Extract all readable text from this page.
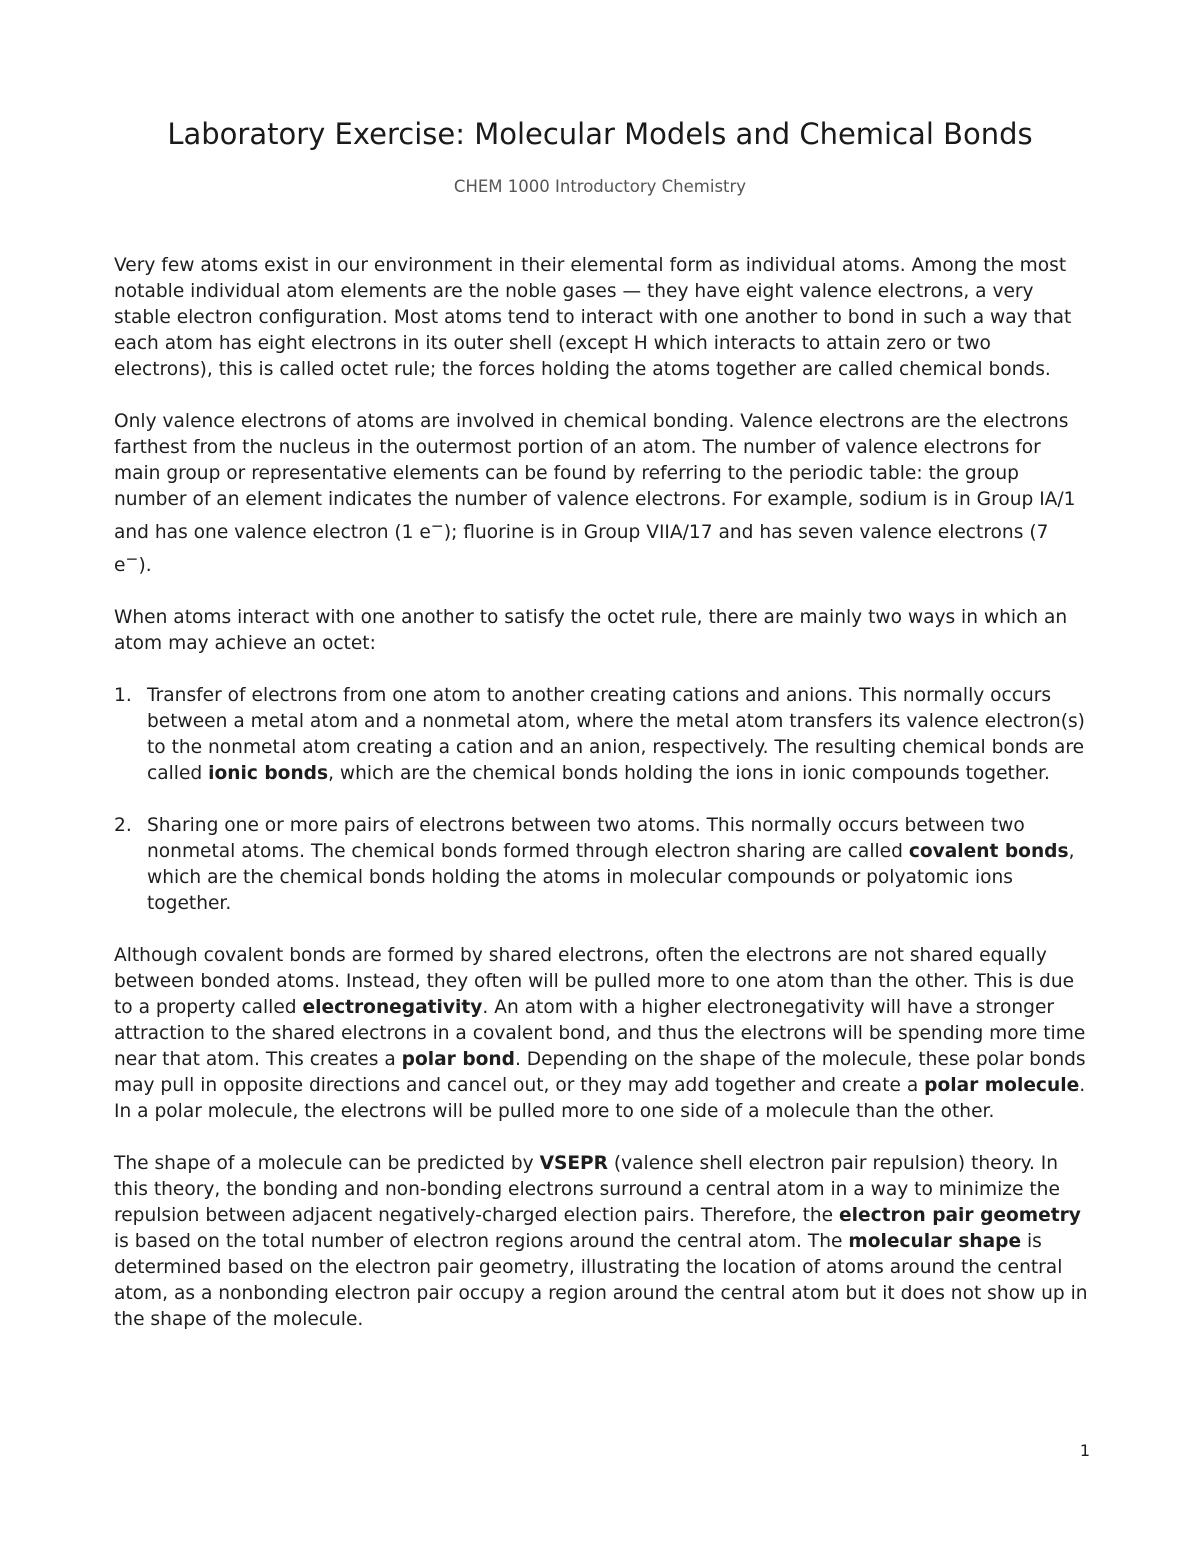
Laboratory Exercise: Molecular Models and Chemical Bonds
CHEM 1000 Introductory Chemistry

Very few atoms exist in our environment in their elemental form as individual atoms. Among the most notable individual atom elements are the noble gases — they have eight valence electrons, a very stable electron configuration. Most atoms tend to interact with one another to bond in such a way that each atom has eight electrons in its outer shell (except H which interacts to attain zero or two electrons), this is called octet rule; the forces holding the atoms together are called chemical bonds.

Only valence electrons of atoms are involved in chemical bonding. Valence electrons are the electrons farthest from the nucleus in the outermost portion of an atom. The number of valence electrons for main group or representative elements can be found by referring to the periodic table: the group number of an element indicates the number of valence electrons. For example, sodium is in Group IA/1 and has one valence electron (1 e−); fluorine is in Group VIIA/17 and has seven valence electrons (7 e−).

When atoms interact with one another to satisfy the octet rule, there are mainly two ways in which an atom may achieve an octet:

1. Transfer of electrons from one atom to another creating cations and anions. This normally occurs between a metal atom and a nonmetal atom, where the metal atom transfers its valence electron(s) to the nonmetal atom creating a cation and an anion, respectively. The resulting chemical bonds are called ionic bonds, which are the chemical bonds holding the ions in ionic compounds together.
2. Sharing one or more pairs of electrons between two atoms. This normally occurs between two nonmetal atoms. The chemical bonds formed through electron sharing are called covalent bonds, which are the chemical bonds holding the atoms in molecular compounds or polyatomic ions together.

Although covalent bonds are formed by shared electrons, often the electrons are not shared equally between bonded atoms. Instead, they often will be pulled more to one atom than the other. This is due to a property called electronegativity. An atom with a higher electronegativity will have a stronger attraction to the shared electrons in a covalent bond, and thus the electrons will be spending more time near that atom. This creates a polar bond. Depending on the shape of the molecule, these polar bonds may pull in opposite directions and cancel out, or they may add together and create a polar molecule. In a polar molecule, the electrons will be pulled more to one side of a molecule than the other.

The shape of a molecule can be predicted by VSEPR (valence shell electron pair repulsion) theory. In this theory, the bonding and non-bonding electrons surround a central atom in a way to minimize the repulsion between adjacent negatively-charged election pairs. Therefore, the electron pair geometry is based on the total number of electron regions around the central atom. The molecular shape is determined based on the electron pair geometry, illustrating the location of atoms around the central atom, as a nonbonding electron pair occupy a region around the central atom but it does not show up in the shape of the molecule.

1
